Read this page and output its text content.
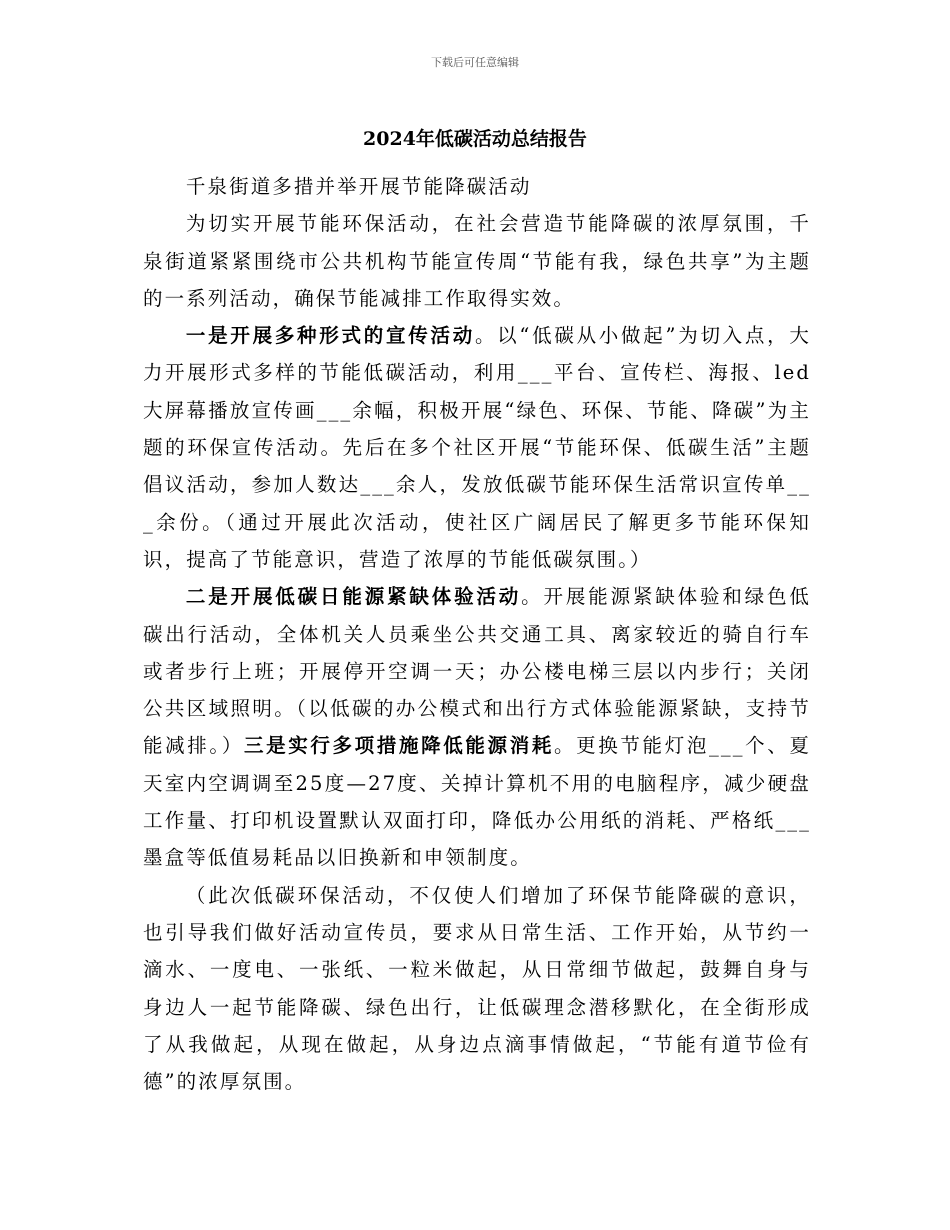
下载后可任意编辑
2024年低碳活动总结报告

千泉街道多措并举开展节能降碳活动

为切实开展节能环保活动，在社会营造节能降碳的浓厚氛围，千泉街道紧紧围绕市公共机构节能宣传周“节能有我，绿色共享”为主题的一系列活动，确保节能减排工作取得实效。

一是开展多种形式的宣传活动。以“低碳从小做起”为切入点，大力开展形式多样的节能低碳活动，利用___平台、宣传栏、海报、led大屏幕播放宣传画___余幅，积极开展“绿色、环保、节能、降碳”为主题的环保宣传活动。先后在多个社区开展“节能环保、低碳生活”主题倡议活动，参加人数达___余人，发放低碳节能环保生活常识宣传单___余份。（通过开展此次活动，使社区广阔居民了解更多节能环保知识，提高了节能意识，营造了浓厚的节能低碳氛围。）

二是开展低碳日能源紧缺体验活动。开展能源紧缺体验和绿色低碳出行活动，全体机关人员乘坐公共交通工具、离家较近的骑自行车或者步行上班；开展停开空调一天；办公楼电梯三层以内步行；关闭公共区域照明。（以低碳的办公模式和出行方式体验能源紧缺，支持节能减排。）三是实行多项措施降低能源消耗。更换节能灯泡___个、夏天室内空调调至25度—27度、关掉计算机不用的电脑程序，减少硬盘工作量、打印机设置默认双面打印，降低办公用纸的消耗、严格纸___墨盒等低值易耗品以旧换新和申领制度。

（此次低碳环保活动，不仅使人们增加了环保节能降碳的意识，也引导我们做好活动宣传员，要求从日常生活、工作开始，从节约一滴水、一度电、一张纸、一粒米做起，从日常细节做起，鼓舞自身与身边人一起节能降碳、绿色出行，让低碳理念潜移默化，在全街形成了从我做起，从现在做起，从身边点滴事情做起，“节能有道节俭有德”的浓厚氛围。
